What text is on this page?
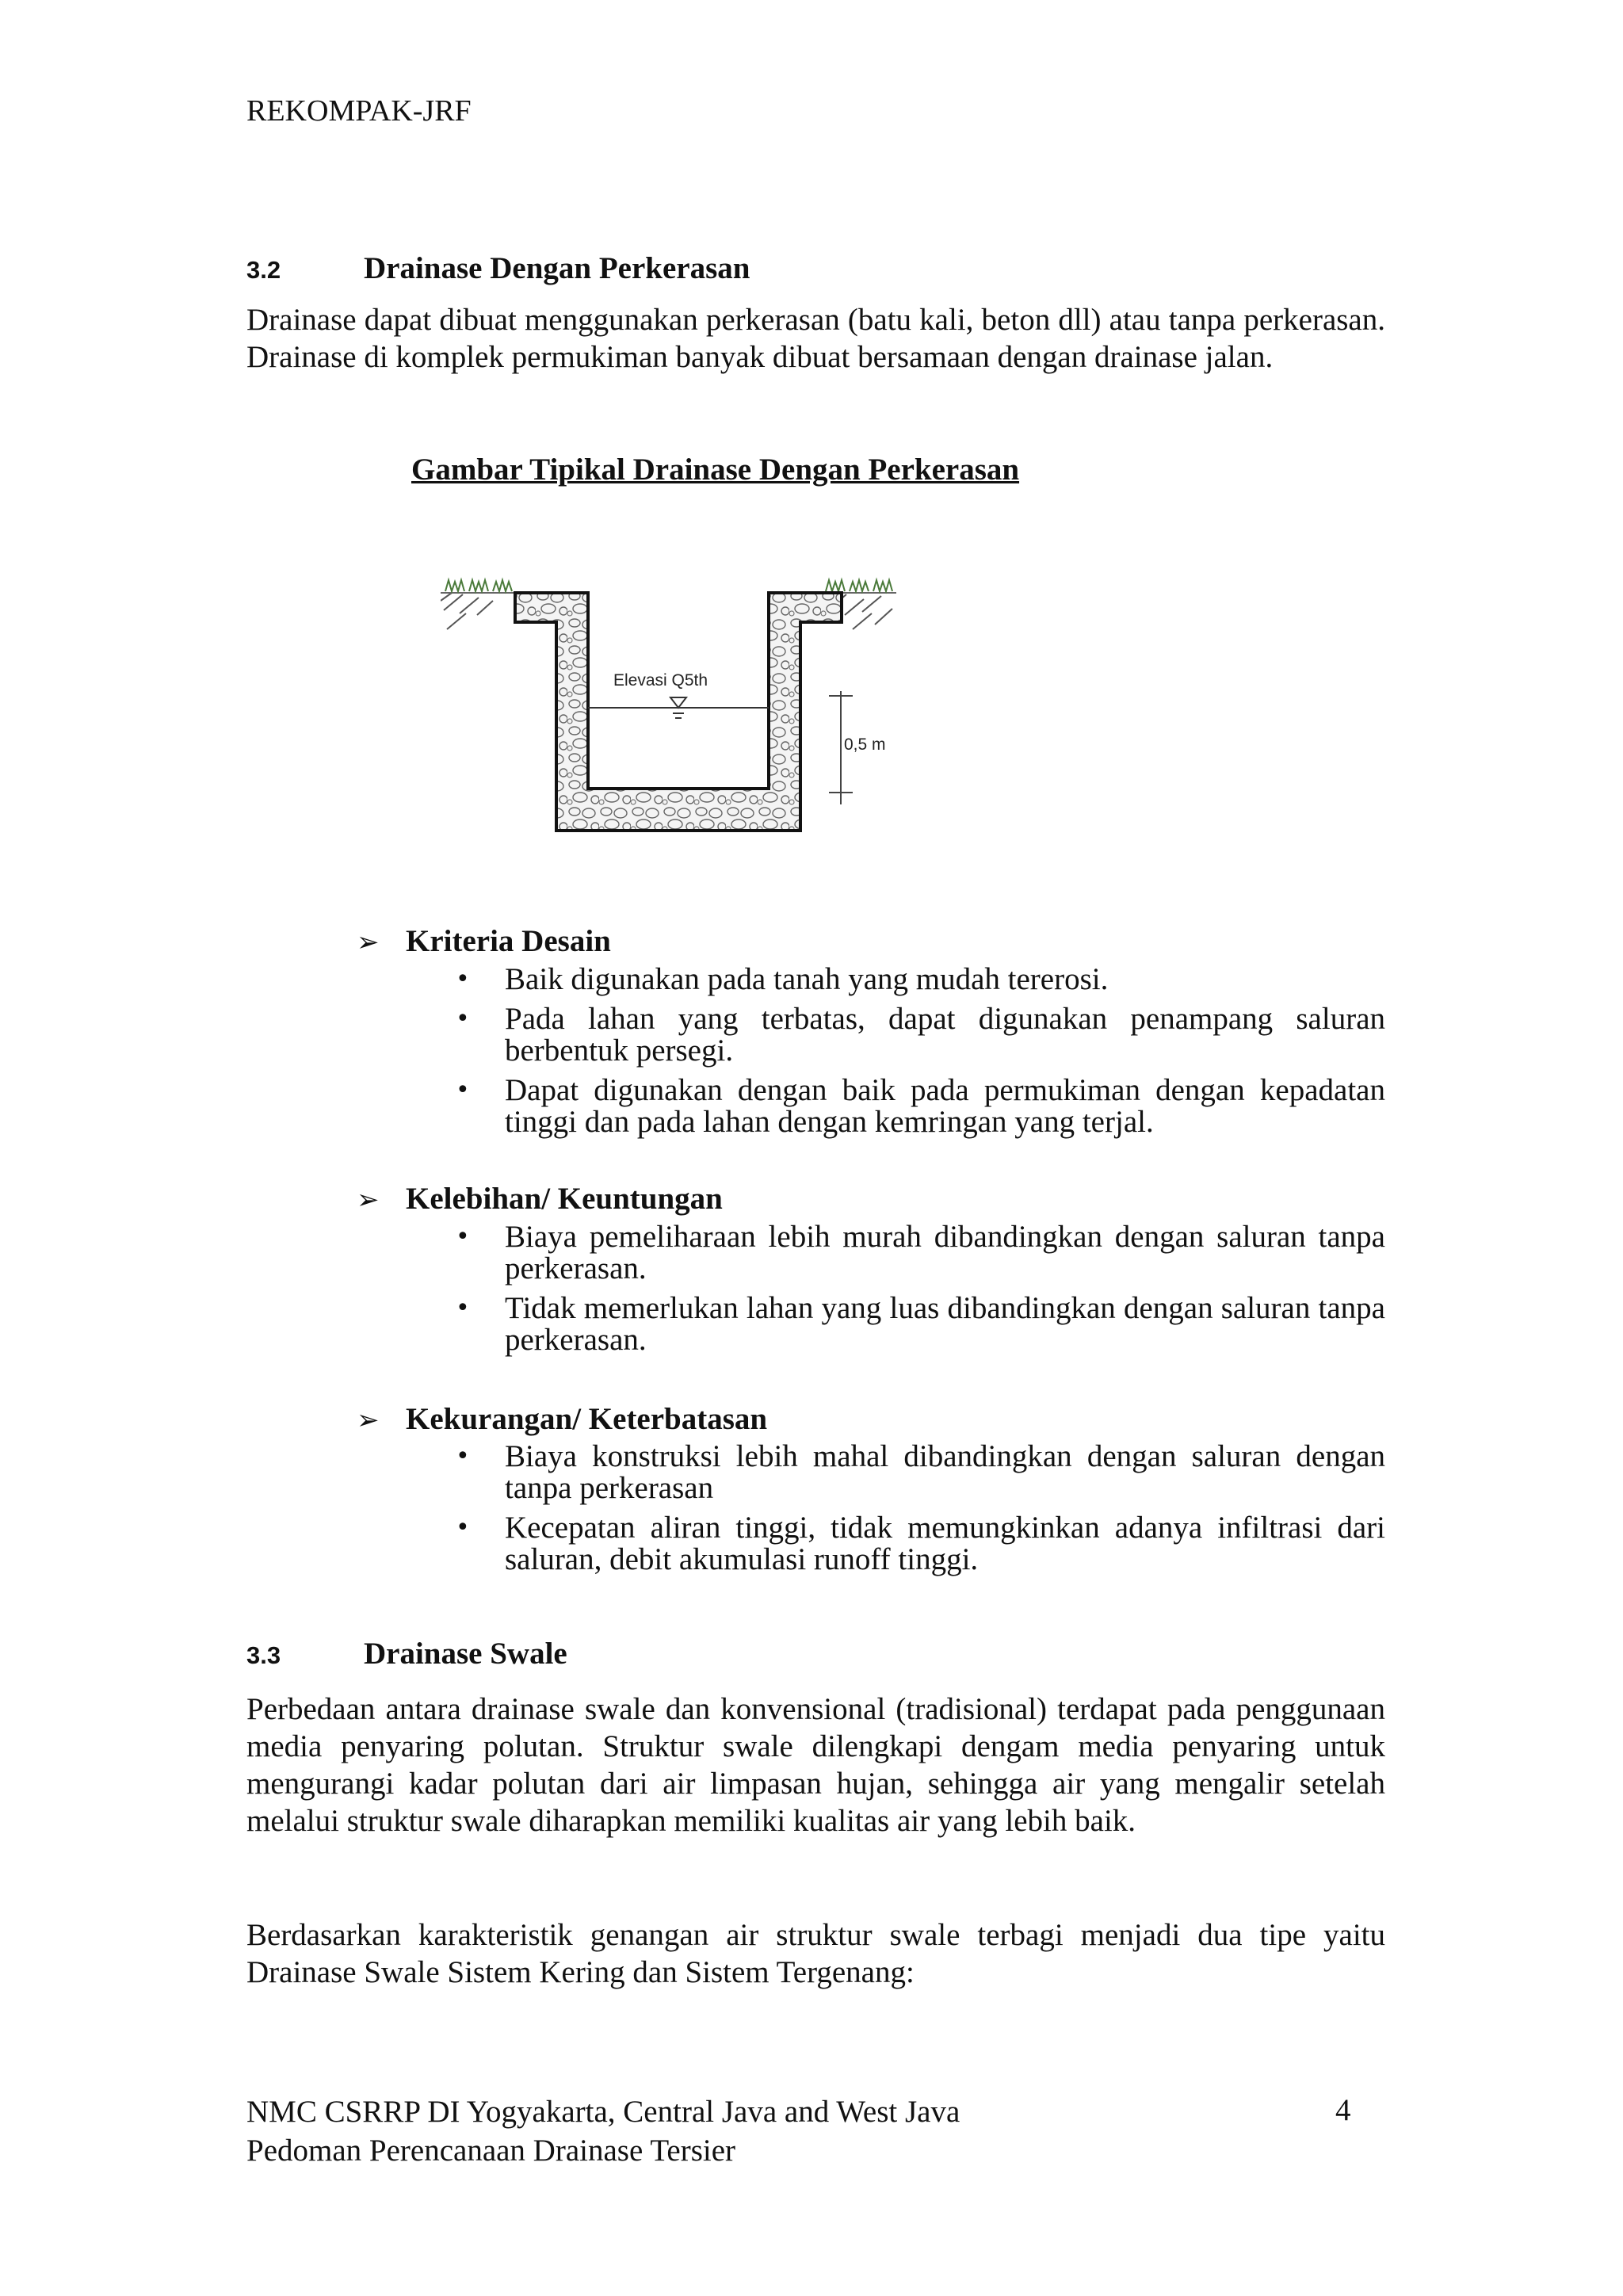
REKOMPAK-JRF
3.2	Drainase Dengan Perkerasan

Drainase dapat dibuat menggunakan perkerasan (batu kali, beton dll) atau tanpa perkerasan. Drainase di komplek permukiman banyak dibuat bersamaan dengan drainase jalan.

Gambar Tipikal Drainase Dengan Perkerasan
Elevasi Q5th
0,5 m
➢ Kriteria Desain
• Baik digunakan pada tanah yang mudah tererosi.
• Pada lahan yang terbatas, dapat digunakan penampang saluran berbentuk persegi.
• Dapat digunakan dengan baik pada permukiman dengan kepadatan tinggi dan pada lahan dengan kemringan yang terjal.
➢ Kelebihan/ Keuntungan
• Biaya pemeliharaan lebih murah dibandingkan dengan saluran tanpa perkerasan.
• Tidak memerlukan lahan yang luas dibandingkan dengan saluran tanpa perkerasan.
➢ Kekurangan/ Keterbatasan
• Biaya konstruksi lebih mahal dibandingkan dengan saluran dengan tanpa perkerasan
• Kecepatan aliran tinggi, tidak memungkinkan adanya infiltrasi dari saluran, debit akumulasi runoff tinggi.
3.3	Drainase Swale

Perbedaan antara drainase swale dan konvensional (tradisional) terdapat pada penggunaan media penyaring polutan. Struktur swale dilengkapi dengam media penyaring untuk mengurangi kadar polutan dari air limpasan hujan, sehingga air yang mengalir setelah melalui struktur swale diharapkan memiliki kualitas air yang lebih baik.

Berdasarkan karakteristik genangan air struktur swale terbagi menjadi dua tipe yaitu Drainase Swale Sistem Kering dan Sistem Tergenang:

NMC CSRRP DI Yogyakarta, Central Java and West Java
Pedoman Perencanaan Drainase Tersier
4
